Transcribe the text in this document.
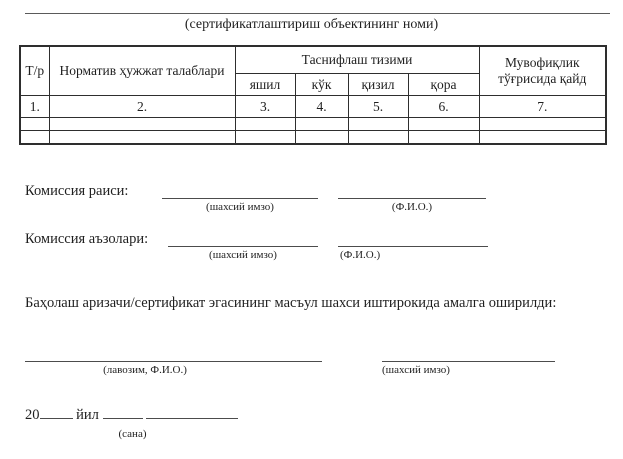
(сертификатлаштириш объектининг номи)
Т/р	Норматив ҳужжат талаблари	Таснифлаш тизими				Мувофиқлик тўғрисида қайд
		яшил	кўк	қизил	қора	
1.	2.	3.	4.	5.	6.	7.

Комиссия раиси:
(шахсий имзо)	(Ф.И.О.)
Комиссия аъзолари:
(шахсий имзо)	(Ф.И.О.)
Баҳолаш аризачи/сертификат эгасининг масъул шахси иштирокида амалга оширилди:
(лавозим, Ф.И.О.)	(шахсий имзо)
20	йил
(сана)
